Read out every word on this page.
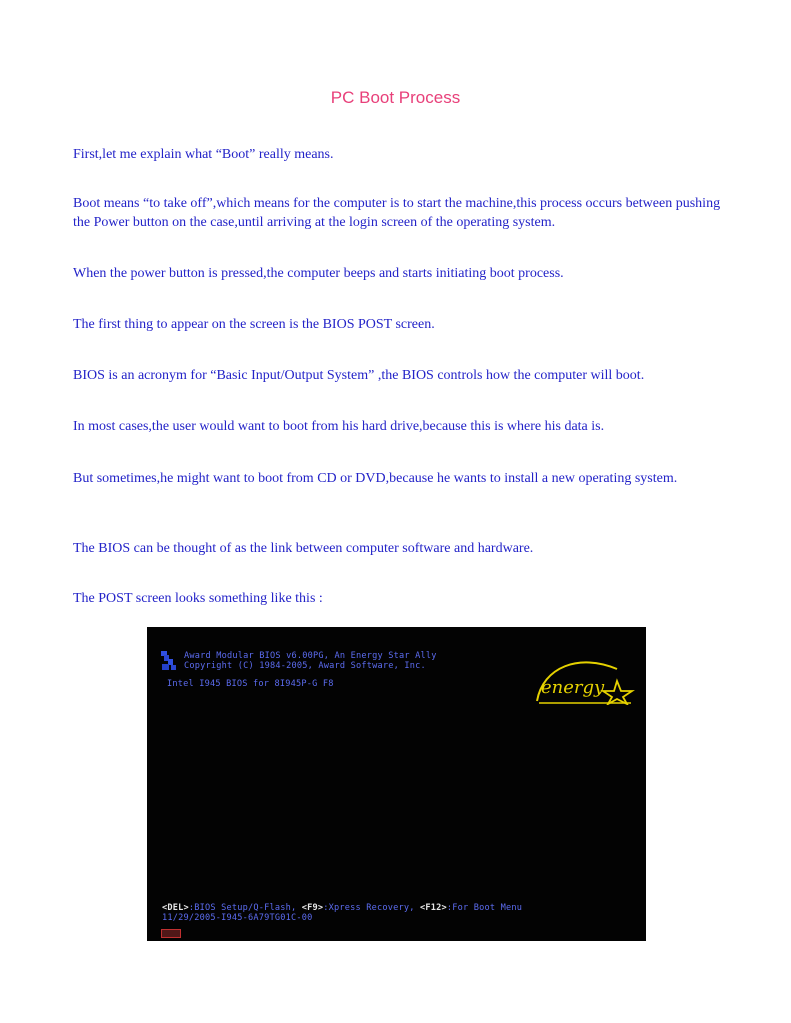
PC Boot Process
First,let me explain what “Boot” really means.
Boot means “to take off”,which means for the computer is to start the machine,this process occurs between pushing the Power button on the case,until arriving at the login screen of the operating system.
When the power button is pressed,the computer beeps and starts initiating boot process.
The first thing to appear on the screen is the BIOS POST screen.
BIOS is an acronym for “Basic Input/Output System” ,the BIOS controls how the computer will boot.
In most cases,the user would want to boot from his hard drive,because this is where his data is.
But sometimes,he might want to boot from CD or DVD,because he wants to install a new operating system.
The BIOS can be thought of as the link between computer software and hardware.
The POST screen looks something like this :
Award Modular BIOS v6.00PG, An Energy Star Ally
Copyright (C) 1984-2005, Award Software, Inc.
Intel I945 BIOS for 8I945P-G F8	energy
<DEL>:BIOS Setup/Q-Flash, <F9>:Xpress Recovery, <F12>:For Boot Menu
11/29/2005-I945-6A79TG01C-00
